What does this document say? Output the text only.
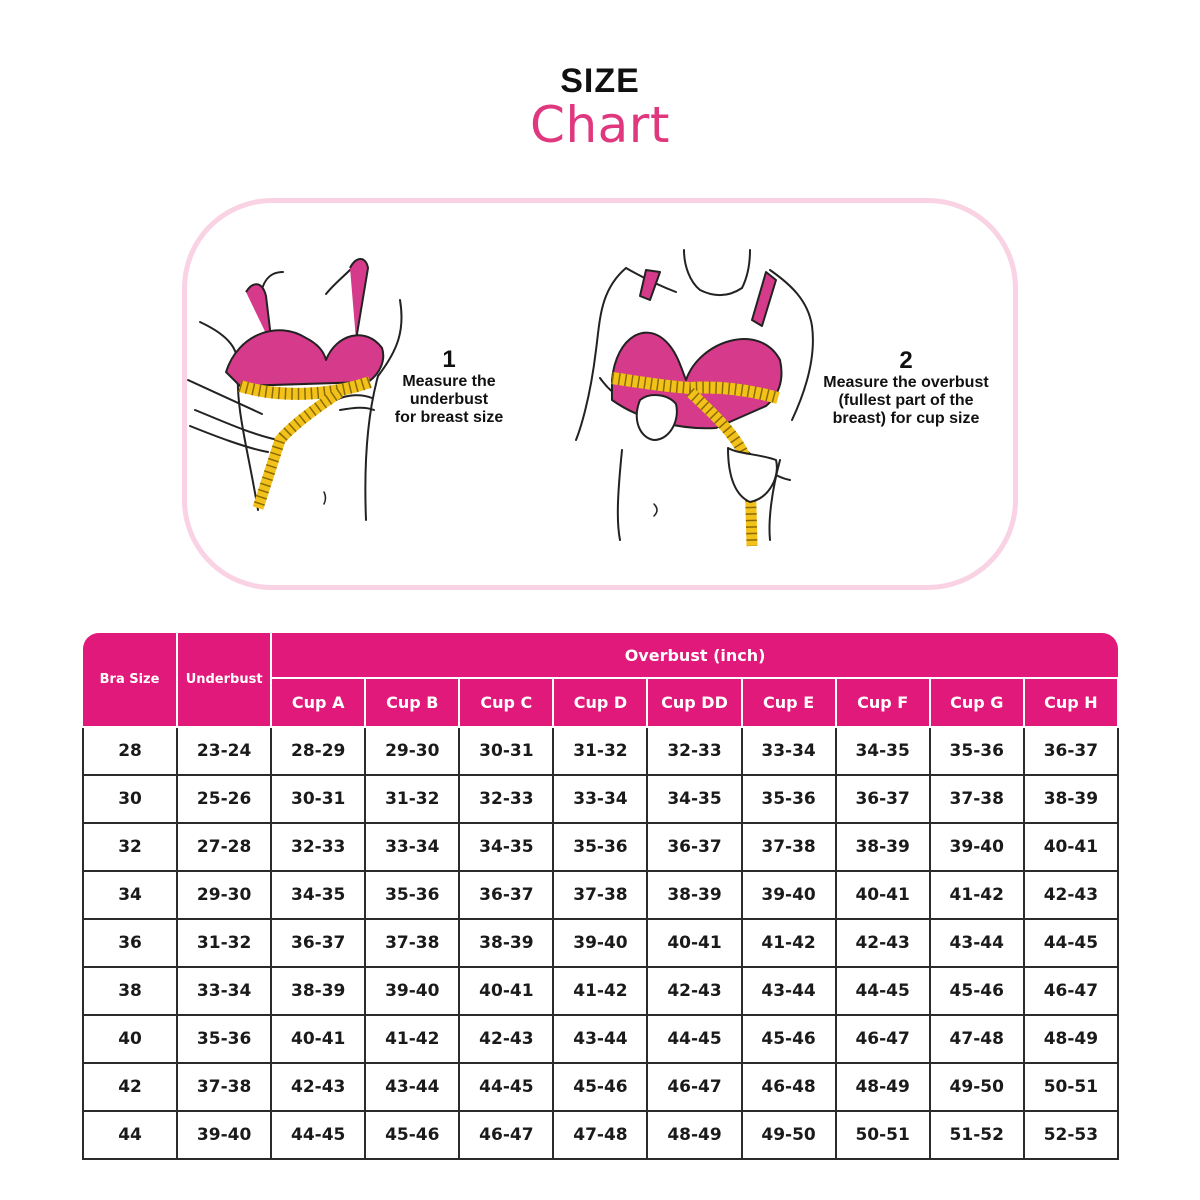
SIZE
Chart
1
Measure the
underbust
for breast size
2
Measure the overbust
(fullest part of the
breast) for cup size
Bra Size	Underbust	Overbust (inch)								
		Cup A	Cup B	Cup C	Cup D	Cup DD	Cup E	Cup F	Cup G	Cup H
28	23-24	28-29	29-30	30-31	31-32	32-33	33-34	34-35	35-36	36-37
30	25-26	30-31	31-32	32-33	33-34	34-35	35-36	36-37	37-38	38-39
32	27-28	32-33	33-34	34-35	35-36	36-37	37-38	38-39	39-40	40-41
34	29-30	34-35	35-36	36-37	37-38	38-39	39-40	40-41	41-42	42-43
36	31-32	36-37	37-38	38-39	39-40	40-41	41-42	42-43	43-44	44-45
38	33-34	38-39	39-40	40-41	41-42	42-43	43-44	44-45	45-46	46-47
40	35-36	40-41	41-42	42-43	43-44	44-45	45-46	46-47	47-48	48-49
42	37-38	42-43	43-44	44-45	45-46	46-47	46-48	48-49	49-50	50-51
44	39-40	44-45	45-46	46-47	47-48	48-49	49-50	50-51	51-52	52-53
